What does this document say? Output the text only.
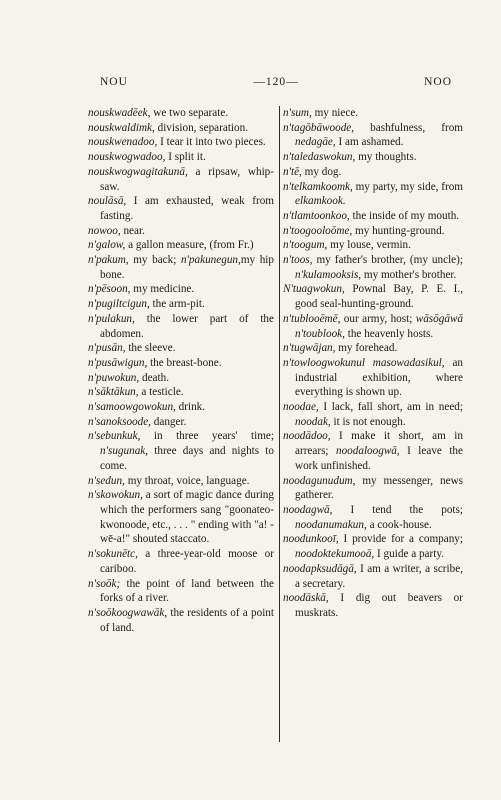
NOU	—120—	NOO
nouskwadēek, we two separate.
nouskwaldimk, division, separation.
nouskwenadoo, I tear it into two pieces.
nouskwogwadoo, I split it.
nouskwogwagitakunā, a ripsaw, whip-saw.
noulāsā, I am exhausted, weak from fasting.
nowoo, near.
n'galow, a gallon measure, (from Fr.)
n'pakum, my back; n'pakunegun,my hip bone.
n'pēsoon, my medicine.
n'pugiltcigun, the arm-pit.
n'pulakun, the lower part of the abdomen.
n'pusān, the sleeve.
n'pusāwigun, the breast-bone.
n'puwokun, death.
n'sāktākun, a testicle.
n'samoowgowokun, drink.
n'sanoksoode, danger.
n'sebunkuk, in three years' time; n'sugunak, three days and nights to come.
n'sedun, my throat, voice, language.
n'skowokun, a sort of magic dance during which the performers sang "goonateo-kwonoode, etc., . . . " ending with "a! -wē-a!" shouted staccato.
n'sokunētc, a three-year-old moose or cariboo.
n'soōk; the point of land between the forks of a river.
n'soōkoogwawāk, the residents of a point of land.
n'sum, my niece.
n'tagōbāwoode, bashfulness, from nedagāe, I am ashamed.
n'taledaswokun, my thoughts.
n'tē, my dog.
n'telkamkoomk, my party, my side, from elkamkook.
n'tlamtoonkoo, the inside of my mouth.
n'toogooloōme, my hunting-ground.
n'toogum, my louse, vermin.
n'toos, my father's brother, (my uncle); n'kulamooksis, my mother's brother.
N'tuagwokun, Pownal Bay, P. E. I., good seal-hunting-ground.
n'tublooēmē, our army, host; wāsōgāwā n'toublook, the heavenly hosts.
n'tugwājan, my forehead.
n'towloogwokunul masowadasikul, an industrial exhibition, where everything is shown up.
noodae, I lack, fall short, am in need; noodak, it is not enough.
noodādoo, I make it short, am in arrears; noodaloogwā, I leave the work unfinished.
noodagunudum, my messenger, news gatherer.
noodagwā, I tend the pots; noodanumakun, a cook-house.
noodunkooī, I provide for a company; noodoktekumooā, I guide a party.
noodapksudāgā, I am a writer, a scribe, a secretary.
noodāskā, I dig out beavers or muskrats.
